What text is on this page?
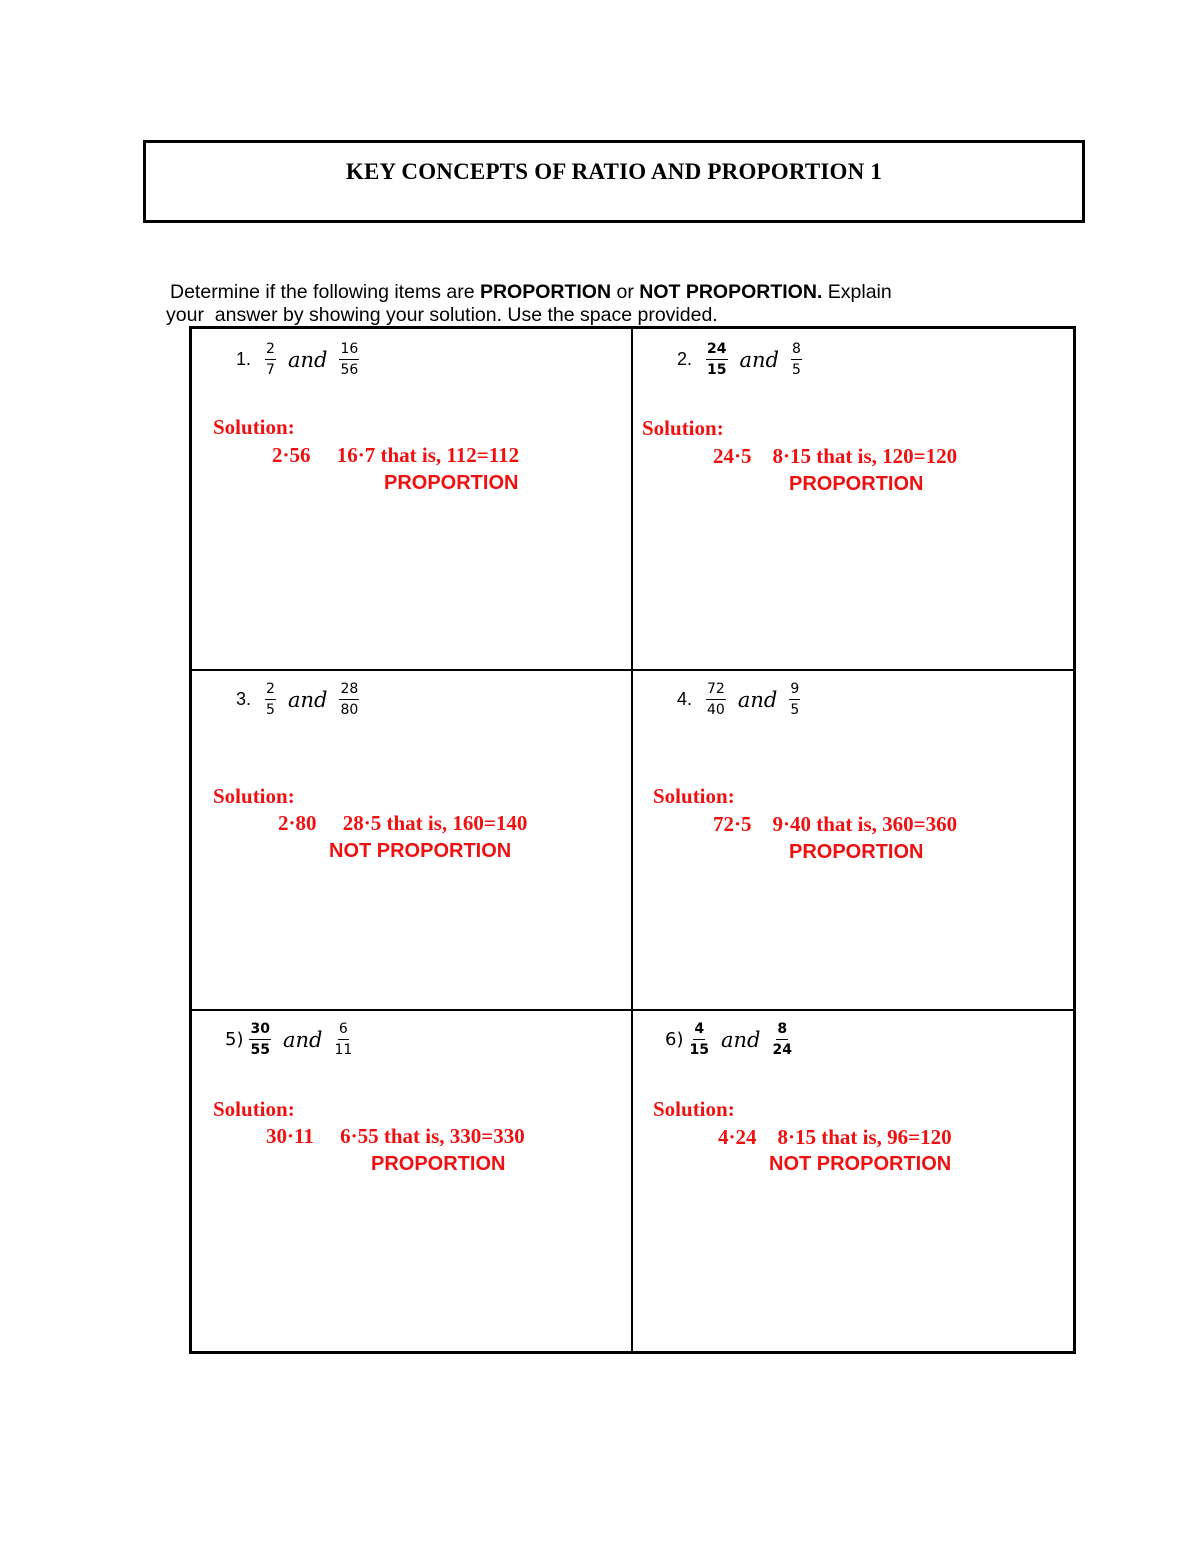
KEY CONCEPTS OF RATIO AND PROPORTION 1
Determine if the following items are PROPORTION or NOT PROPORTION. Explain
your  answer by showing your solution. Use the space provided.
1. $\frac{2}{7}$ and $\frac{16}{56}$
Solution:
2·56     16·7 that is, 112=112
PROPORTION
2. $\frac{24}{15}$ and $\frac{8}{5}$
Solution:
24·5    8·15 that is, 120=120
PROPORTION
3. $\frac{2}{5}$ and $\frac{28}{80}$
Solution:
2·80     28·5 that is, 160=140
NOT PROPORTION
4. $\frac{72}{40}$ and $\frac{9}{5}$
Solution:
72·5    9·40 that is, 360=360
PROPORTION
$5) \frac{30}{55}$ and $\frac{6}{11}$
Solution:
30·11     6·55 that is, 330=330
PROPORTION
$6) \frac{4}{15}$ and $\frac{8}{24}$
Solution:
4·24    8·15 that is, 96=120
NOT PROPORTION
